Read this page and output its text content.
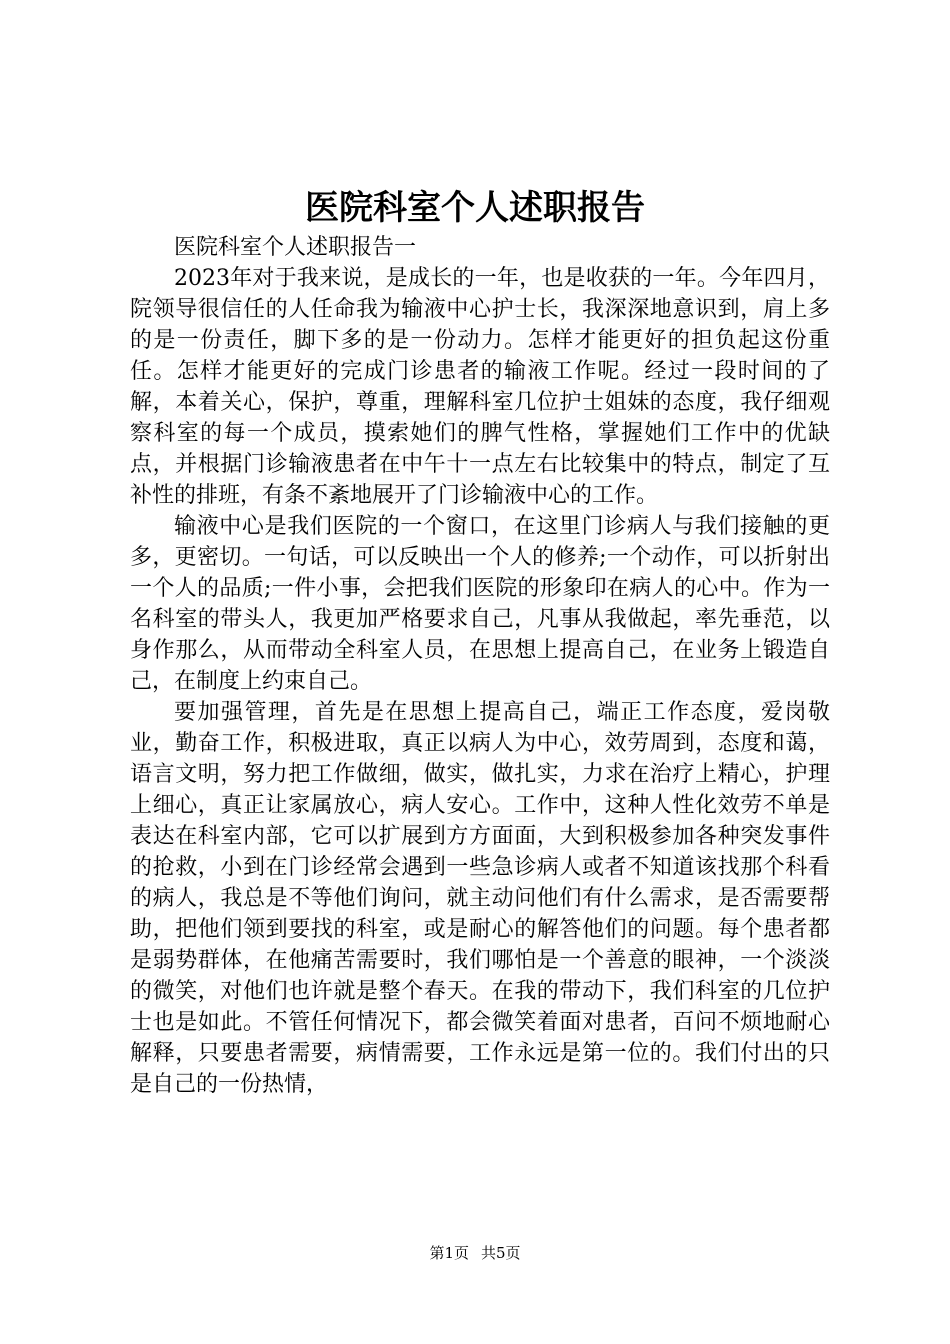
医院科室个人述职报告

医院科室个人述职报告一

2023年对于我来说，是成长的一年，也是收获的一年。今年四月，院领导很信任的人任命我为输液中心护士长，我深深地意识到，肩上多的是一份责任，脚下多的是一份动力。怎样才能更好的担负起这份重任。怎样才能更好的完成门诊患者的输液工作呢。经过一段时间的了解，本着关心，保护，尊重，理解科室几位护士姐妹的态度，我仔细观察科室的每一个成员，摸索她们的脾气性格，掌握她们工作中的优缺点，并根据门诊输液患者在中午十一点左右比较集中的特点，制定了互补性的排班，有条不紊地展开了门诊输液中心的工作。

输液中心是我们医院的一个窗口，在这里门诊病人与我们接触的更多，更密切。一句话，可以反映出一个人的修养;一个动作，可以折射出一个人的品质;一件小事，会把我们医院的形象印在病人的心中。作为一名科室的带头人，我更加严格要求自己，凡事从我做起，率先垂范，以身作那么，从而带动全科室人员，在思想上提高自己，在业务上锻造自己，在制度上约束自己。

要加强管理，首先是在思想上提高自己，端正工作态度，爱岗敬业，勤奋工作，积极进取，真正以病人为中心，效劳周到，态度和蔼，语言文明，努力把工作做细，做实，做扎实，力求在治疗上精心，护理上细心，真正让家属放心，病人安心。工作中，这种人性化效劳不单是表达在科室内部，它可以扩展到方方面面，大到积极参加各种突发事件的抢救，小到在门诊经常会遇到一些急诊病人或者不知道该找那个科看的病人，我总是不等他们询问，就主动问他们有什么需求，是否需要帮助，把他们领到要找的科室，或是耐心的解答他们的问题。每个患者都是弱势群体，在他痛苦需要时，我们哪怕是一个善意的眼神，一个淡淡的微笑，对他们也许就是整个春天。在我的带动下，我们科室的几位护士也是如此。不管任何情况下，都会微笑着面对患者，百问不烦地耐心解释，只要患者需要，病情需要，工作永远是第一位的。我们付出的只是自己的一份热情，

第1页 共5页
